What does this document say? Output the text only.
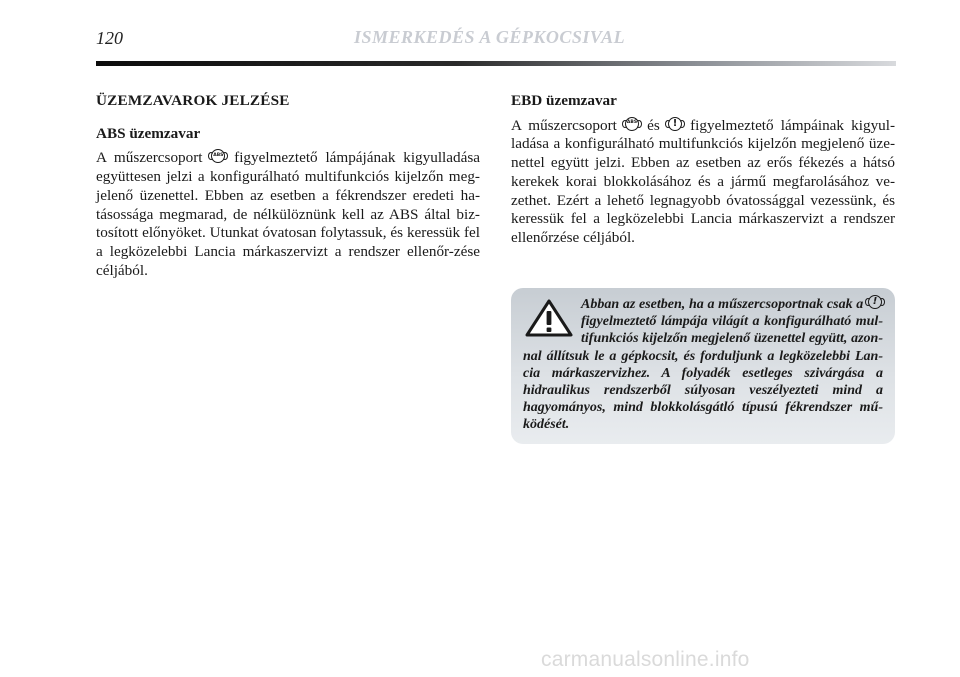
120	ISMERKEDÉS A GÉPKOCSIVAL
ÜZEMZAVAROK JELZÉSE
ABS üzemzavar

A műszercsoport ABS figyelmeztető lámpájának kigyulladása együttesen jelzi a konfigurálható multifunkciós kijelzőn meg-jelenő üzenettel. Ebben az esetben a fékrendszer eredeti ha-tásossága megmarad, de nélkülöznünk kell az ABS által biz-tosított előnyöket. Utunkat óvatosan folytassuk, és keressük fel a legközelebbi Lancia márkaszervizt a rendszer ellenőr-zése céljából.

EBD üzemzavar

A műszercsoport ABS és	! figyelmeztető lámpáinak kigyul-ladása a konfigurálható multifunkciós kijelzőn megjelenő üze-nettel együtt jelzi. Ebben az esetben az erős fékezés a hátsó kerekek korai blokkolásához és a jármű megfarolásához ve-zethet. Ezért a lehető legnagyobb óvatossággal vezessünk, és keressük fel a legközelebbi Lancia márkaszervizt a rendszer ellenőrzése céljából.

Abban az esetben, ha a műszercsoportnak csak a !
figyelmeztető lámpája világít a konfigurálható mul-tifunkciós kijelzőn megjelenő üzenettel együtt, azon-nal állítsuk le a gépkocsit, és forduljunk a legközelebbi Lan-cia márkaszervizhez. A folyadék esetleges szivárgása a hidraulikus rendszerből súlyosan veszélyezteti mind a hagyományos, mind blokkolásgátló típusú fékrendszer mű-ködését.
carmanualsonline.info
